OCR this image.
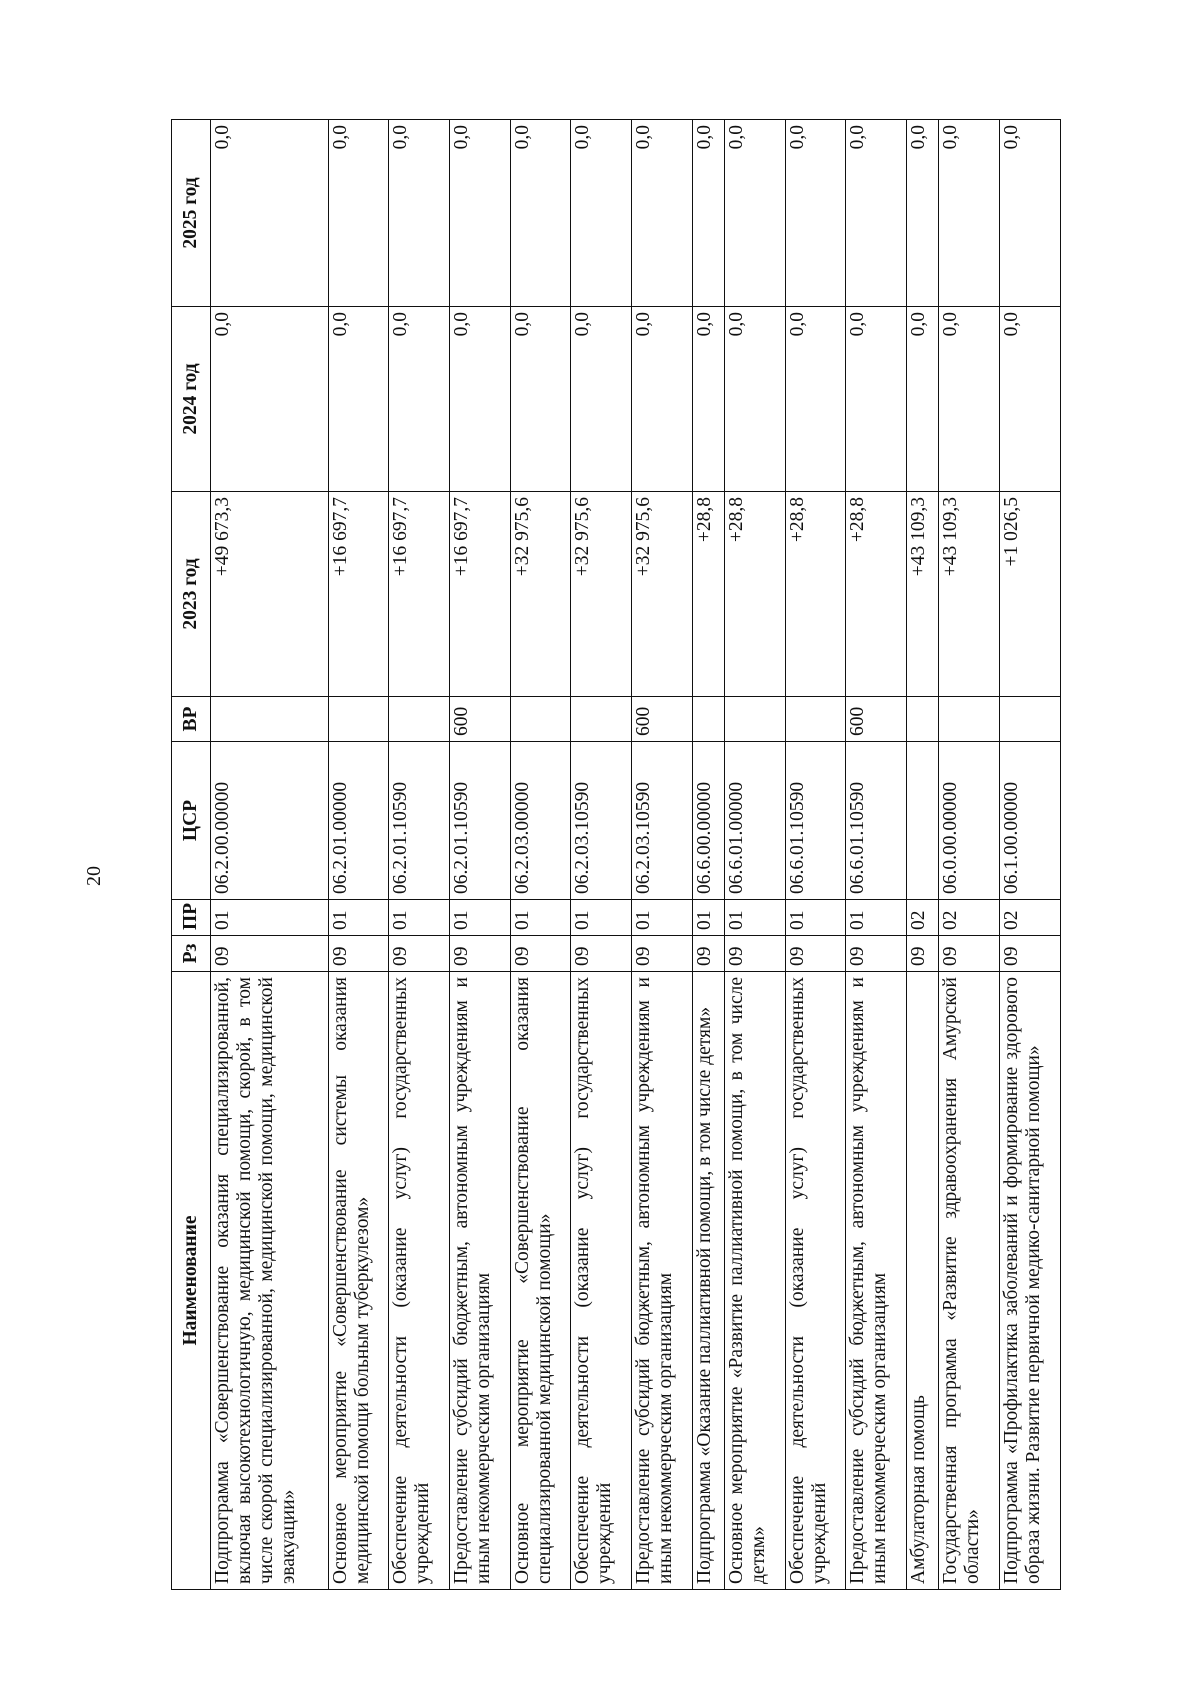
20
Наименование	Рз	ПР	ЦСР	ВР	2023 год	2024 год	2025 год
Подпрограмма «Совершенствование оказания специализированной, включая высокотехнологичную, медицинской помощи, скорой, в том числе скорой специализированной, медицинской помощи, медицинской эвакуации»	09	01	06.2.00.00000		+49 673,3	0,0	0,0
Основное мероприятие «Совершенствование системы оказания медицинской помощи больным туберкулезом»	09	01	06.2.01.00000		+16 697,7	0,0	0,0
Обеспечение деятельности (оказание услуг) государственных учреждений	09	01	06.2.01.10590		+16 697,7	0,0	0,0
Предоставление субсидий бюджетным, автономным учреждениям и иным некоммерческим организациям	09	01	06.2.01.10590	600	+16 697,7	0,0	0,0
Основное мероприятие «Совершенствование оказания специализированной медицинской помощи»	09	01	06.2.03.00000		+32 975,6	0,0	0,0
Обеспечение деятельности (оказание услуг) государственных учреждений	09	01	06.2.03.10590		+32 975,6	0,0	0,0
Предоставление субсидий бюджетным, автономным учреждениям и иным некоммерческим организациям	09	01	06.2.03.10590	600	+32 975,6	0,0	0,0
Подпрограмма «Оказание паллиативной помощи, в том числе детям»	09	01	06.6.00.00000		+28,8	0,0	0,0
Основное мероприятие «Развитие паллиативной помощи, в том числе детям»	09	01	06.6.01.00000		+28,8	0,0	0,0
Обеспечение деятельности (оказание услуг) государственных учреждений	09	01	06.6.01.10590		+28,8	0,0	0,0
Предоставление субсидий бюджетным, автономным учреждениям и иным некоммерческим организациям	09	01	06.6.01.10590	600	+28,8	0,0	0,0
Амбулаторная помощь	09	02			+43 109,3	0,0	0,0
Государственная программа «Развитие здравоохранения Амурской области»	09	02	06.0.00.00000		+43 109,3	0,0	0,0
Подпрограмма «Профилактика заболеваний и формирование здорового образа жизни. Развитие первичной медико-санитарной помощи»	09	02	06.1.00.00000		+1 026,5	0,0	0,0
